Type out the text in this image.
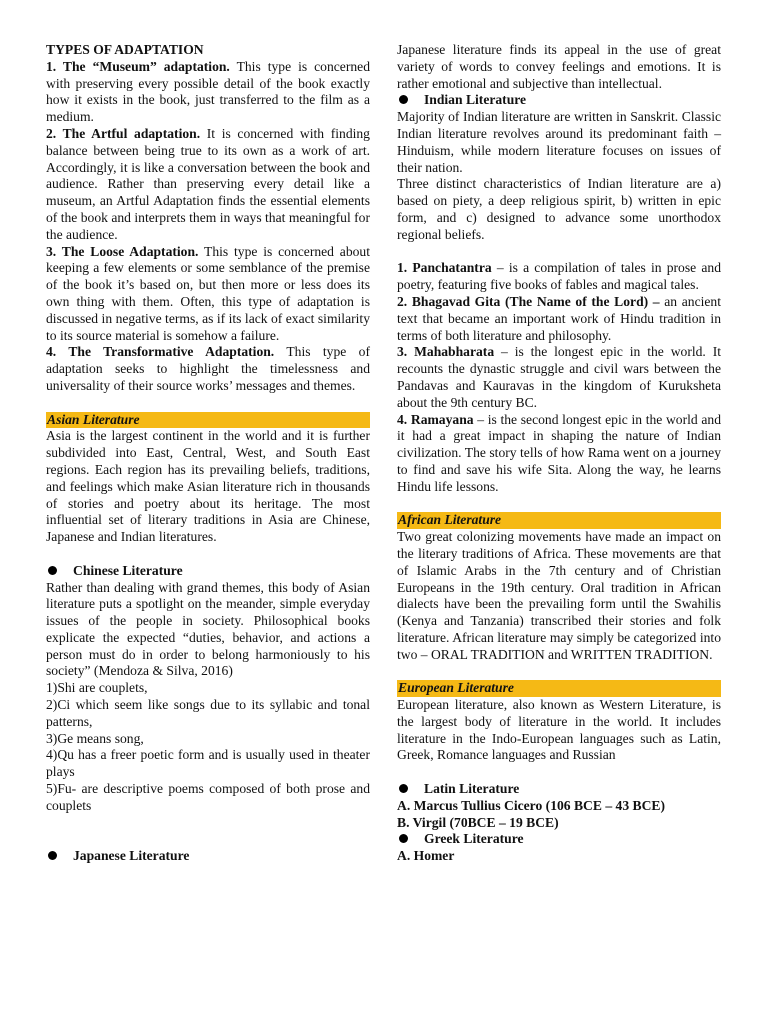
TYPES OF ADAPTATION

1. The “Museum” adaptation. This type is concerned with preserving every possible detail of the book exactly how it exists in the book, just transferred to the film as a medium.

2. The Artful adaptation. It is concerned with finding balance between being true to its own as a work of art. Accordingly, it is like a conversation between the book and audience. Rather than preserving every detail like a museum, an Artful Adaptation finds the essential elements of the book and interprets them in ways that meaningful for the audience.

3. The Loose Adaptation. This type is concerned about keeping a few elements or some semblance of the premise of the book it’s based on, but then more or less does its own thing with them. Often, this type of adaptation is discussed in negative terms, as if its lack of exact similarity to its source material is somehow a failure.

4. The Transformative Adaptation. This type of adaptation seeks to highlight the timelessness and universality of their source works’ messages and themes.

Asian Literature

Asia is the largest continent in the world and it is further subdivided into East, Central, West, and South East regions. Each region has its prevailing beliefs, traditions, and feelings which make Asian literature rich in thousands of stories and poetry about its heritage. The most influential set of literary traditions in Asia are Chinese, Japanese and Indian literatures.

Chinese Literature

Rather than dealing with grand themes, this body of Asian literature puts a spotlight on the meander, simple everyday issues of the people in society. Philosophical books explicate the expected “duties, behavior, and actions a person must do in order to belong harmoniously to his society” (Mendoza & Silva, 2016)

1)Shi are couplets,

2)Ci which seem like songs due to its syllabic and tonal patterns,

3)Ge means song,

4)Qu has a freer poetic form and is usually used in theater plays

5)Fu- are descriptive poems composed of both prose and couplets

Japanese Literature

Japanese literature finds its appeal in the use of great variety of words to convey feelings and emotions. It is rather emotional and subjective than intellectual.

Indian Literature

Majority of Indian literature are written in Sanskrit. Classic Indian literature revolves around its predominant faith – Hinduism, while modern literature focuses on issues of their nation.

Three distinct characteristics of Indian literature are a) based on piety, a deep religious spirit, b) written in epic form, and c) designed to advance some unorthodox regional beliefs.

1. Panchatantra – is a compilation of tales in prose and poetry, featuring five books of fables and magical tales.

2. Bhagavad Gita (The Name of the Lord) – an ancient text that became an important work of Hindu tradition in terms of both literature and philosophy.

3. Mahabharata – is the longest epic in the world. It recounts the dynastic struggle and civil wars between the Pandavas and Kauravas in the kingdom of Kuruksheta about the 9th century BC.

4. Ramayana – is the second longest epic in the world and it had a great impact in shaping the nature of Indian civilization. The story tells of how Rama went on a journey to find and save his wife Sita. Along the way, he learns Hindu life lessons.

African Literature

Two great colonizing movements have made an impact on the literary traditions of Africa. These movements are that of Islamic Arabs in the 7th century and of Christian Europeans in the 19th century. Oral tradition in African dialects have been the prevailing form until the Swahilis (Kenya and Tanzania) transcribed their stories and folk literature. African literature may simply be categorized into two – ORAL TRADITION and WRITTEN TRADITION.

European Literature

European literature, also known as Western Literature, is the largest body of literature in the world. It includes literature in the Indo-European languages such as Latin, Greek, Romance languages and Russian

Latin Literature

A. Marcus Tullius Cicero (106 BCE – 43 BCE)

B. Virgil (70BCE – 19 BCE)

Greek Literature

A. Homer
